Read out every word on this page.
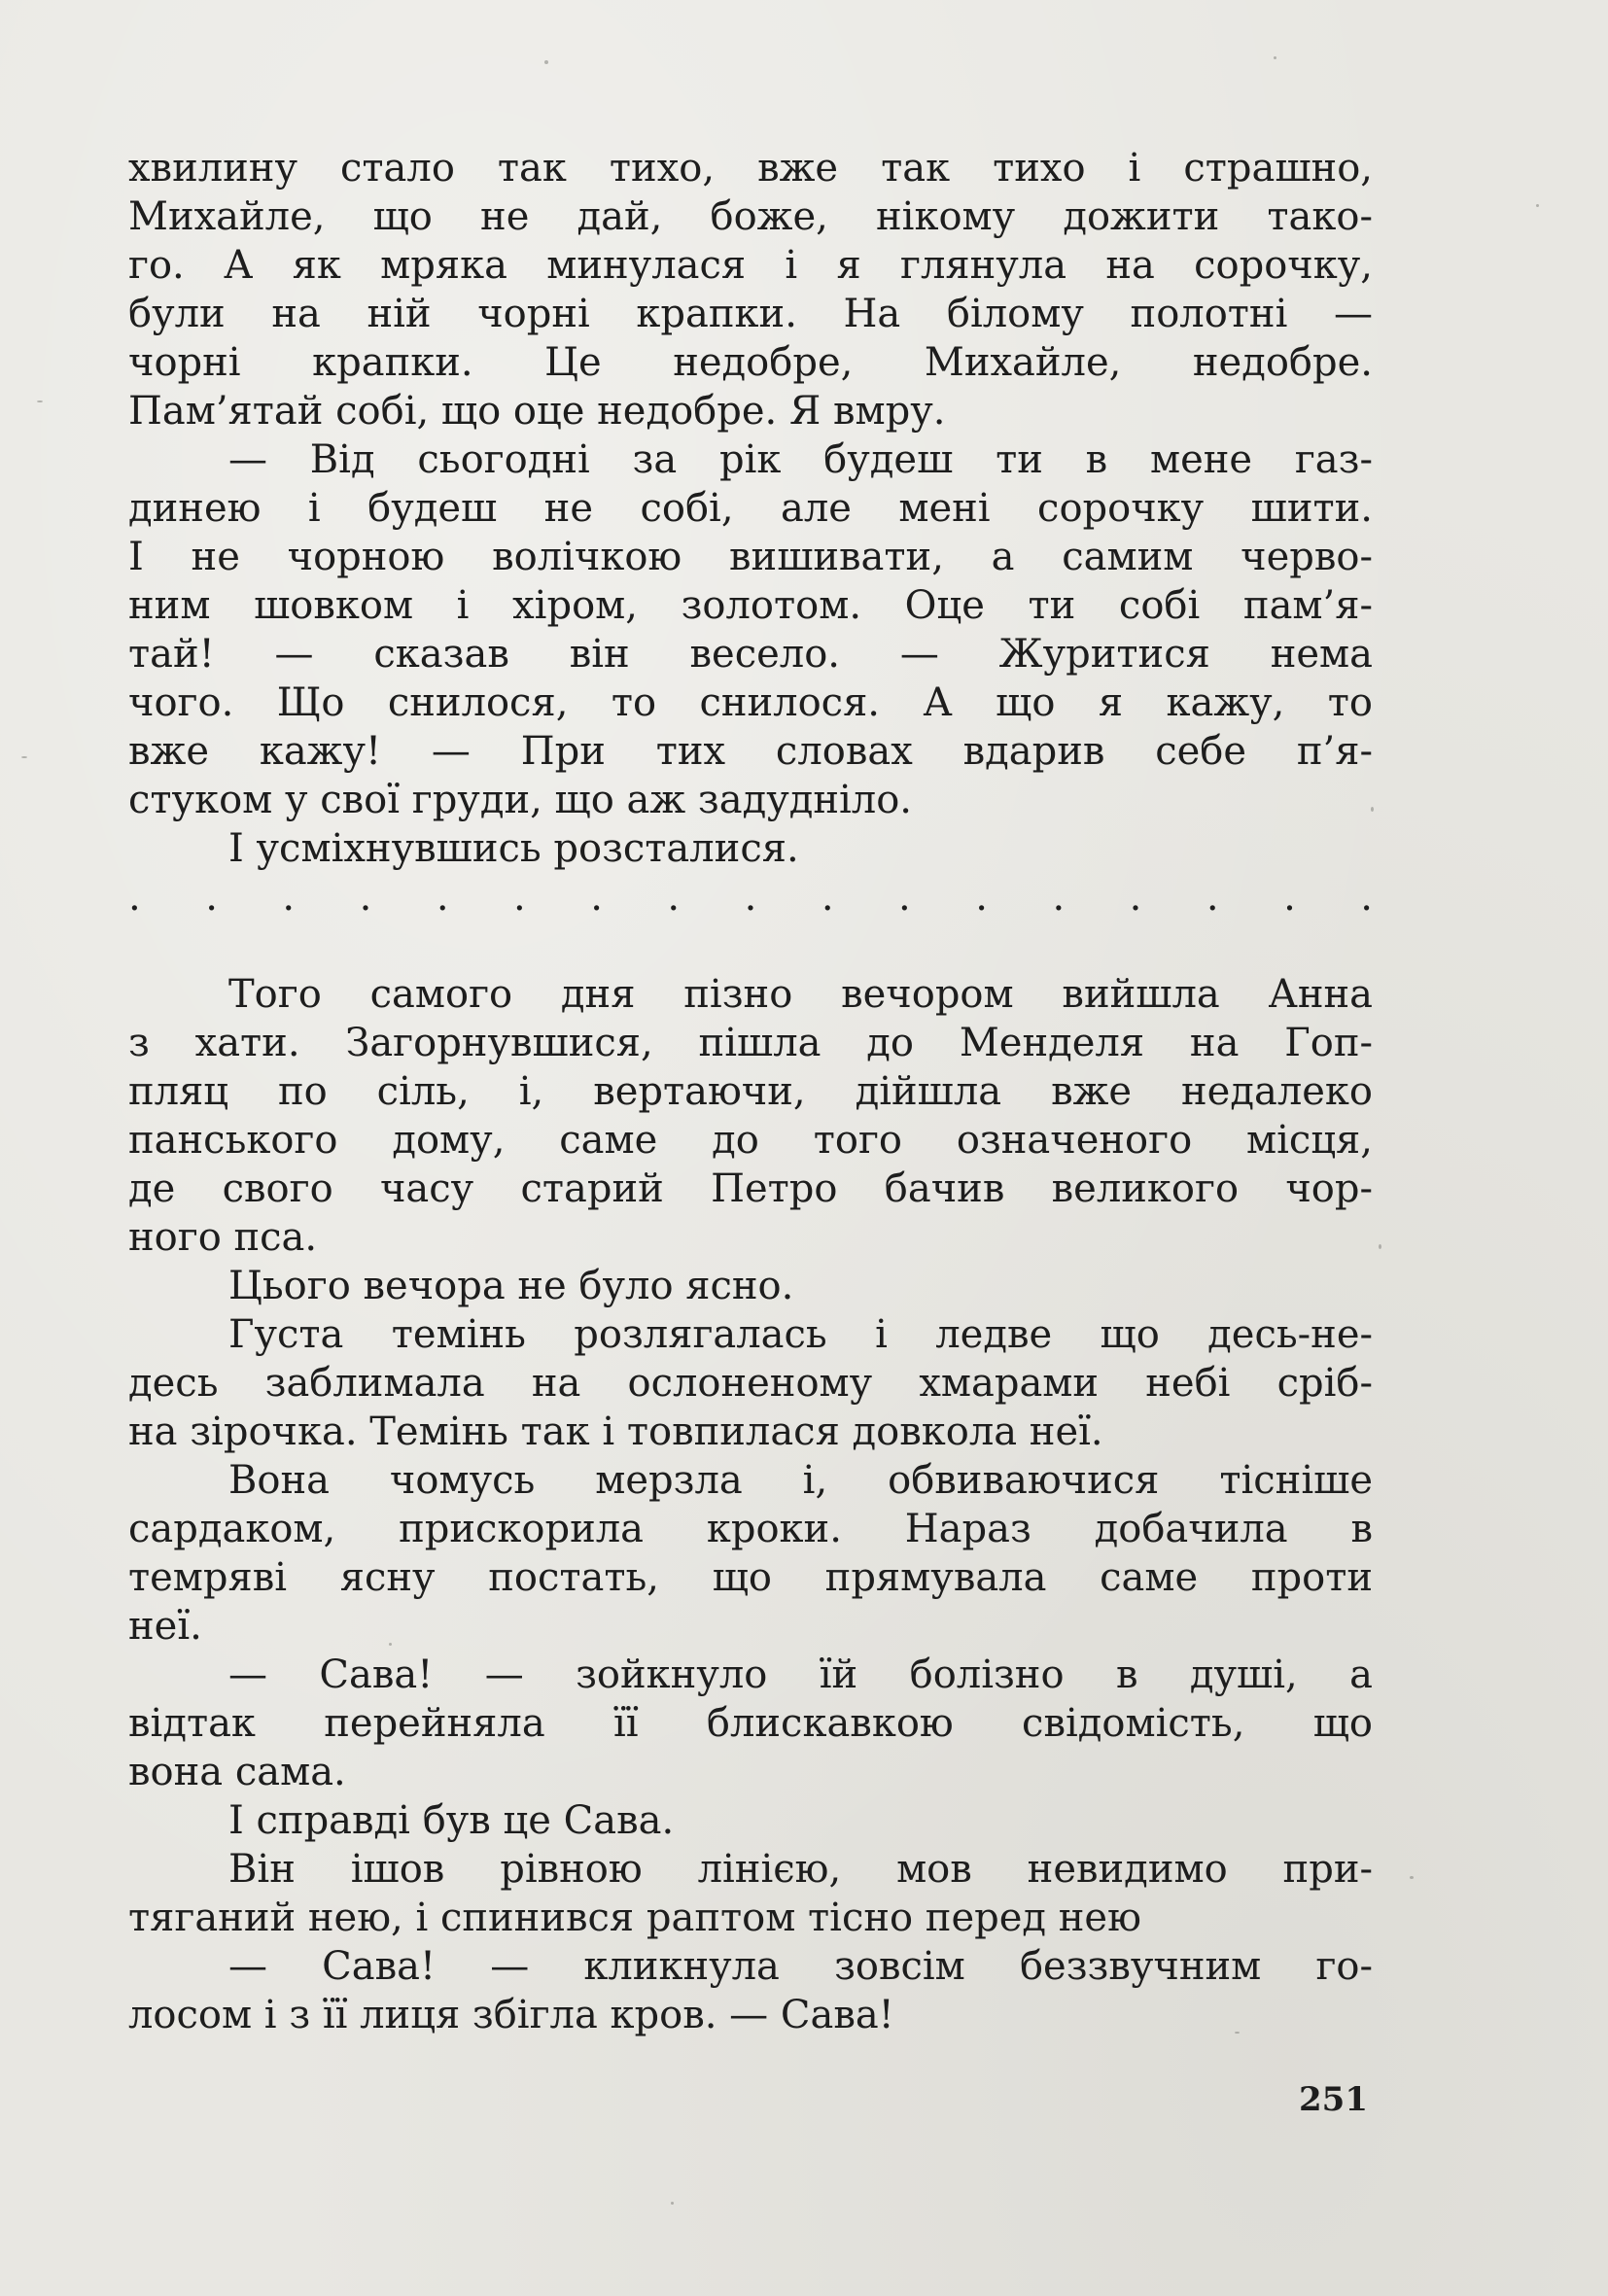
хвилину стало так тихо, вже так тихо і страшно,
Михайле, що не дай, боже, нікому дожити тако-
го. А як мряка минулася і я глянула на сорочку,
були на ній чорні крапки. На білому полотні —
чорні крапки. Це недобре, Михайле, недобре.
Пам’ятай собі, що оце недобре. Я вмру.
— Від сьогодні за рік будеш ти в мене газ-
динею і будеш не собі, але мені сорочку шити.
І не чорною волічкою вишивати, а самим черво-
ним шовком і хіром, золотом. Оце ти собі пам’я-
тай! — сказав він весело. — Журитися нема
чого. Що снилося, то снилося. А що я кажу, то
вже кажу! — При тих словах вдарив себе п’я-
стуком у свої груди, що аж задудніло.
І усміхнувшись розсталися.
. . . . . . . . . . . . . . . . .
Того самого дня пізно вечором вийшла Анна
з хати. Загорнувшися, пішла до Менделя на Гоп-
пляц по сіль, і, вертаючи, дійшла вже недалеко
панського дому, саме до того означеного місця,
де свого часу старий Петро бачив великого чор-
ного пса.
Цього вечора не було ясно.
Густа темінь розлягалась і ледве що десь-не-
десь заблимала на ослоненому хмарами небі сріб-
на зірочка. Темінь так і товпилася довкола неї.
Вона чомусь мерзла і, обвиваючися тісніше
сардаком, прискорила кроки. Нараз добачила в
темряві ясну постать, що прямувала саме проти
неї.
— Сава! — зойкнуло їй болізно в душі, а
відтак перейняла її блискавкою свідомість, що
вона сама.
І справді був це Сава.
Він ішов рівною лінією, мов невидимо при-
тяганий нею, і спинився раптом тісно перед нею
— Сава! — кликнула зовсім беззвучним го-
лосом і з її лиця збігла кров. — Сава!
251
